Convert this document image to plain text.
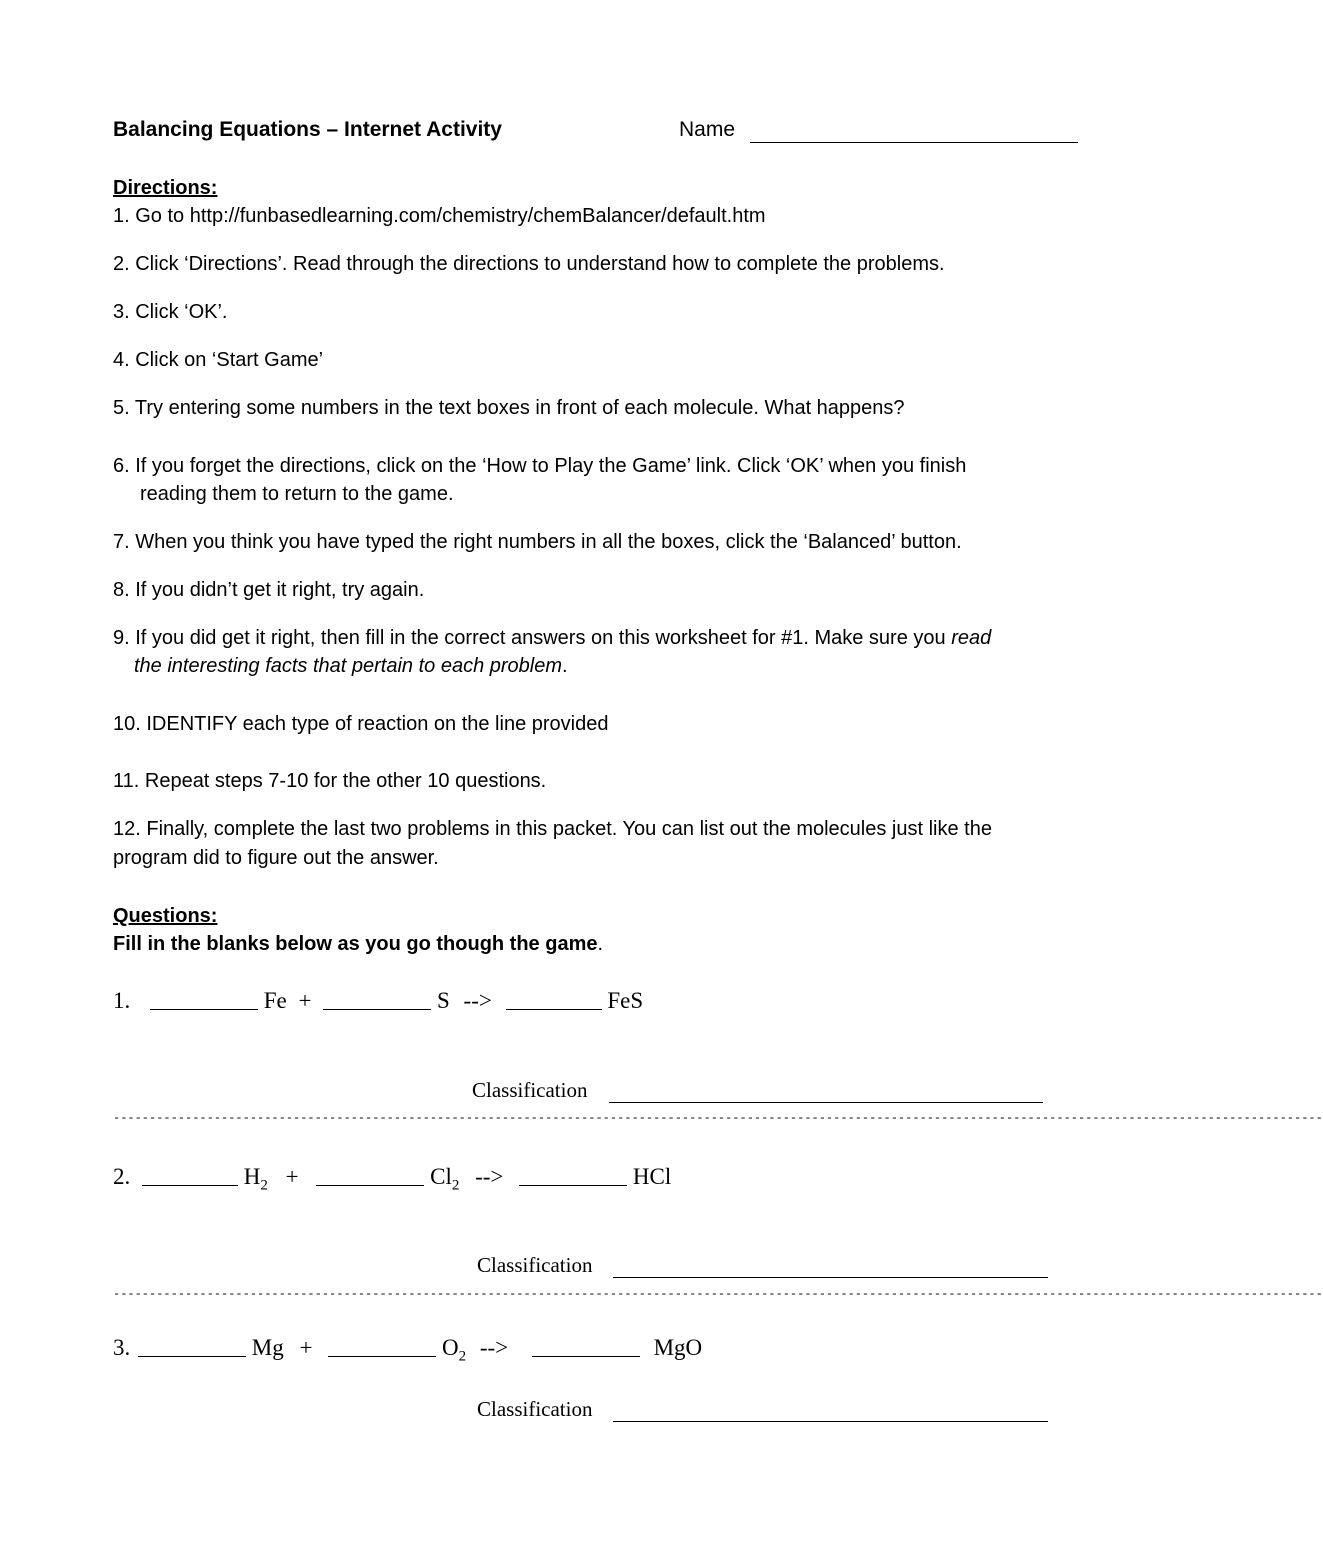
Balancing Equations – Internet Activity	Name
Directions:
1. Go to http://funbasedlearning.com/chemistry/chemBalancer/default.htm
2. Click ‘Directions’. Read through the directions to understand how to complete the problems.
3. Click ‘OK’.
4. Click on ‘Start Game’
5. Try entering some numbers in the text boxes in front of each molecule. What happens?
6. If you forget the directions, click on the ‘How to Play the Game’ link. Click ‘OK’ when you finish
reading them to return to the game.
7. When you think you have typed the right numbers in all the boxes, click the ‘Balanced’ button.
8. If you didn’t get it right, try again.
9. If you did get it right, then fill in the correct answers on this worksheet for #1. Make sure you read
the interesting facts that pertain to each problem.
10. IDENTIFY each type of reaction on the line provided
11. Repeat steps 7-10 for the other 10 questions.
12. Finally, complete the last two problems in this packet. You can list out the molecules just like the
program did to figure out the answer.
Questions:
Fill in the blanks below as you go though the game.
1.	Fe +	S -->	FeS
Classification
------------------------------------------------------------------------------------------------------------------------------------------------------------------------
2.	$H_2$ +	$Cl_2$ -->	HCl
Classification
------------------------------------------------------------------------------------------------------------------------------------------------------------------------
3.	Mg +	$O_2$ -->	MgO
Classification
